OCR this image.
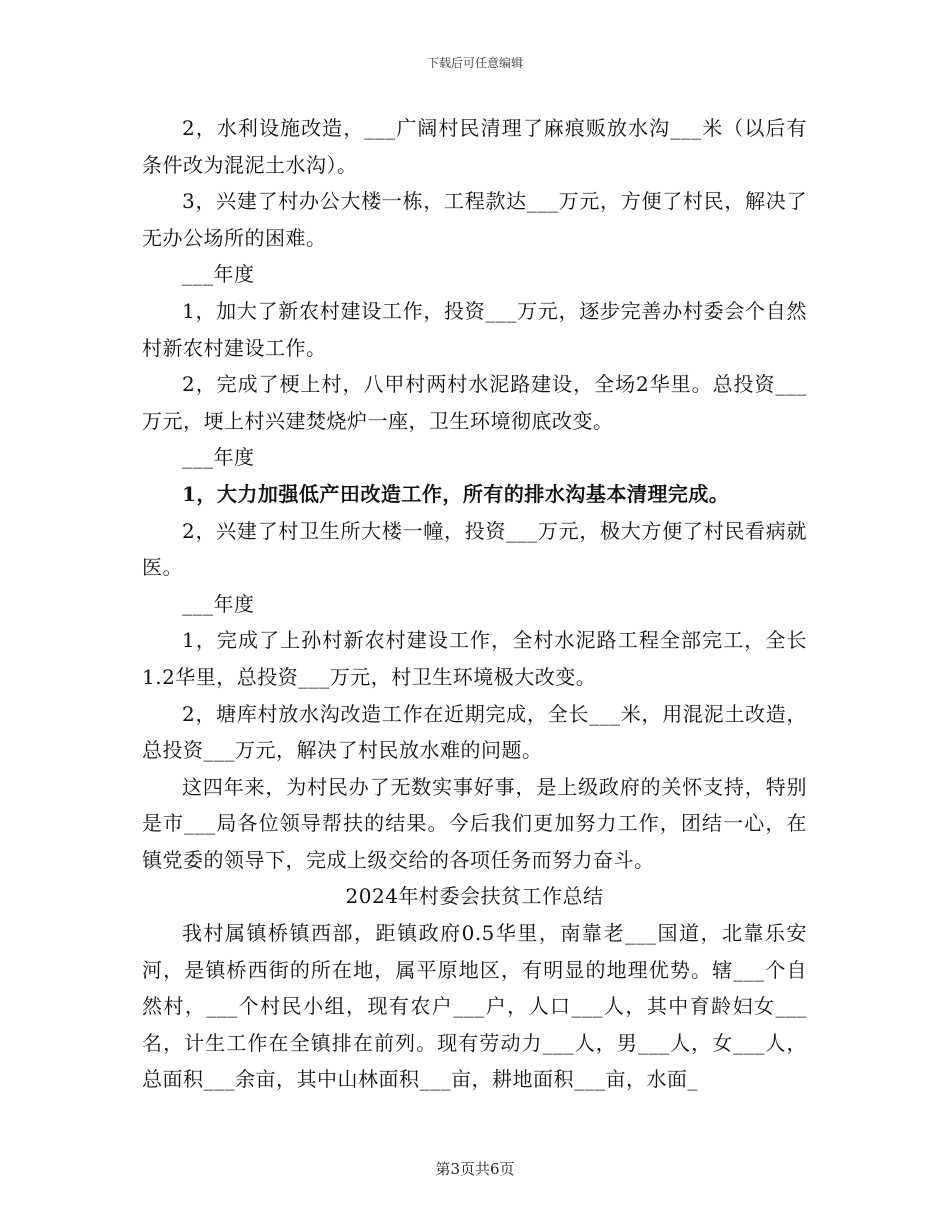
下载后可任意编辑

2，水利设施改造，___广阔村民清理了麻痕贩放水沟___米（以后有条件改为混泥土水沟）。

3，兴建了村办公大楼一栋，工程款达___万元，方便了村民，解决了无办公场所的困难。

___年度

1，加大了新农村建设工作，投资___万元，逐步完善办村委会个自然村新农村建设工作。

2，完成了梗上村，八甲村两村水泥路建设，全场2华里。总投资___万元，埂上村兴建焚烧炉一座，卫生环境彻底改变。

___年度

1，大力加强低产田改造工作，所有的排水沟基本清理完成。

2，兴建了村卫生所大楼一幢，投资___万元，极大方便了村民看病就医。

___年度

1，完成了上孙村新农村建设工作，全村水泥路工程全部完工，全长1.2华里，总投资___万元，村卫生环境极大改变。

2，塘库村放水沟改造工作在近期完成，全长___米，用混泥土改造，总投资___万元，解决了村民放水难的问题。

这四年来，为村民办了无数实事好事，是上级政府的关怀支持，特别是市___局各位领导帮扶的结果。今后我们更加努力工作，团结一心，在镇党委的领导下，完成上级交给的各项任务而努力奋斗。

2024年村委会扶贫工作总结

我村属镇桥镇西部，距镇政府0.5华里，南靠老___国道，北靠乐安河，是镇桥西街的所在地，属平原地区，有明显的地理优势。辖___个自然村，___个村民小组，现有农户___户，人口___人，其中育龄妇女___名，计生工作在全镇排在前列。现有劳动力___人，男___人，女___人，总面积___余亩，其中山林面积___亩，耕地面积___亩，水面_

第3页共6页
